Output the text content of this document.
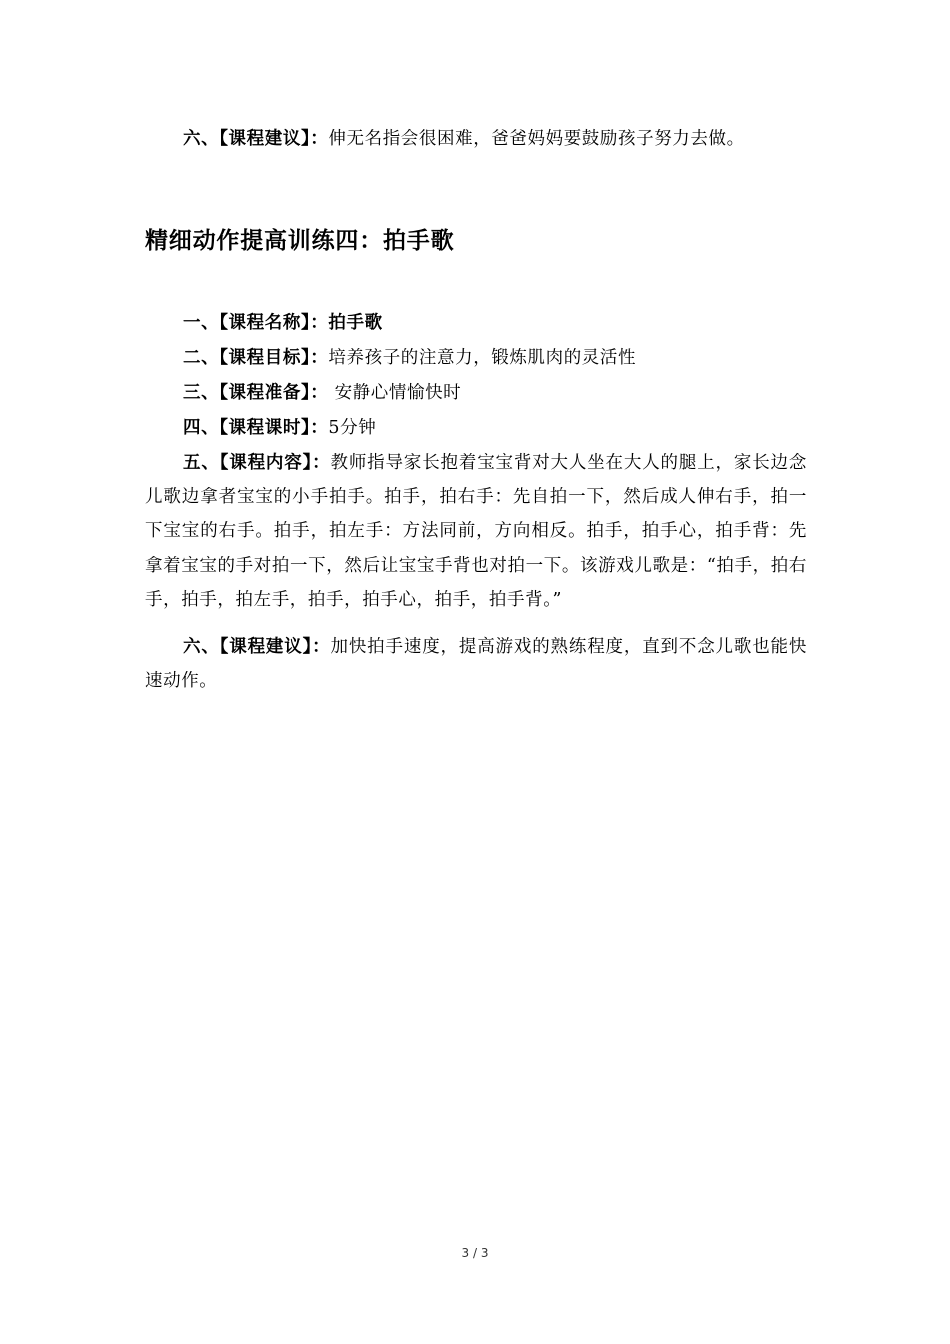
六、【课程建议】：伸无名指会很困难，爸爸妈妈要鼓励孩子努力去做。
精细动作提高训练四：拍手歌
一、【课程名称】：拍手歌
二、【课程目标】：培养孩子的注意力，锻炼肌肉的灵活性
三、【课程准备】： 安静心情愉快时
四、【课程课时】：5分钟
五、【课程内容】：教师指导家长抱着宝宝背对大人坐在大人的腿上，家长边念儿歌边拿者宝宝的小手拍手。拍手，拍右手：先自拍一下，然后成人伸右手，拍一下宝宝的右手。拍手，拍左手：方法同前，方向相反。拍手，拍手心，拍手背：先拿着宝宝的手对拍一下，然后让宝宝手背也对拍一下。该游戏儿歌是：“拍手，拍右手，拍手，拍左手，拍手，拍手心，拍手，拍手背。”
六、【课程建议】：加快拍手速度，提高游戏的熟练程度，直到不念儿歌也能快速动作。
3 / 3
